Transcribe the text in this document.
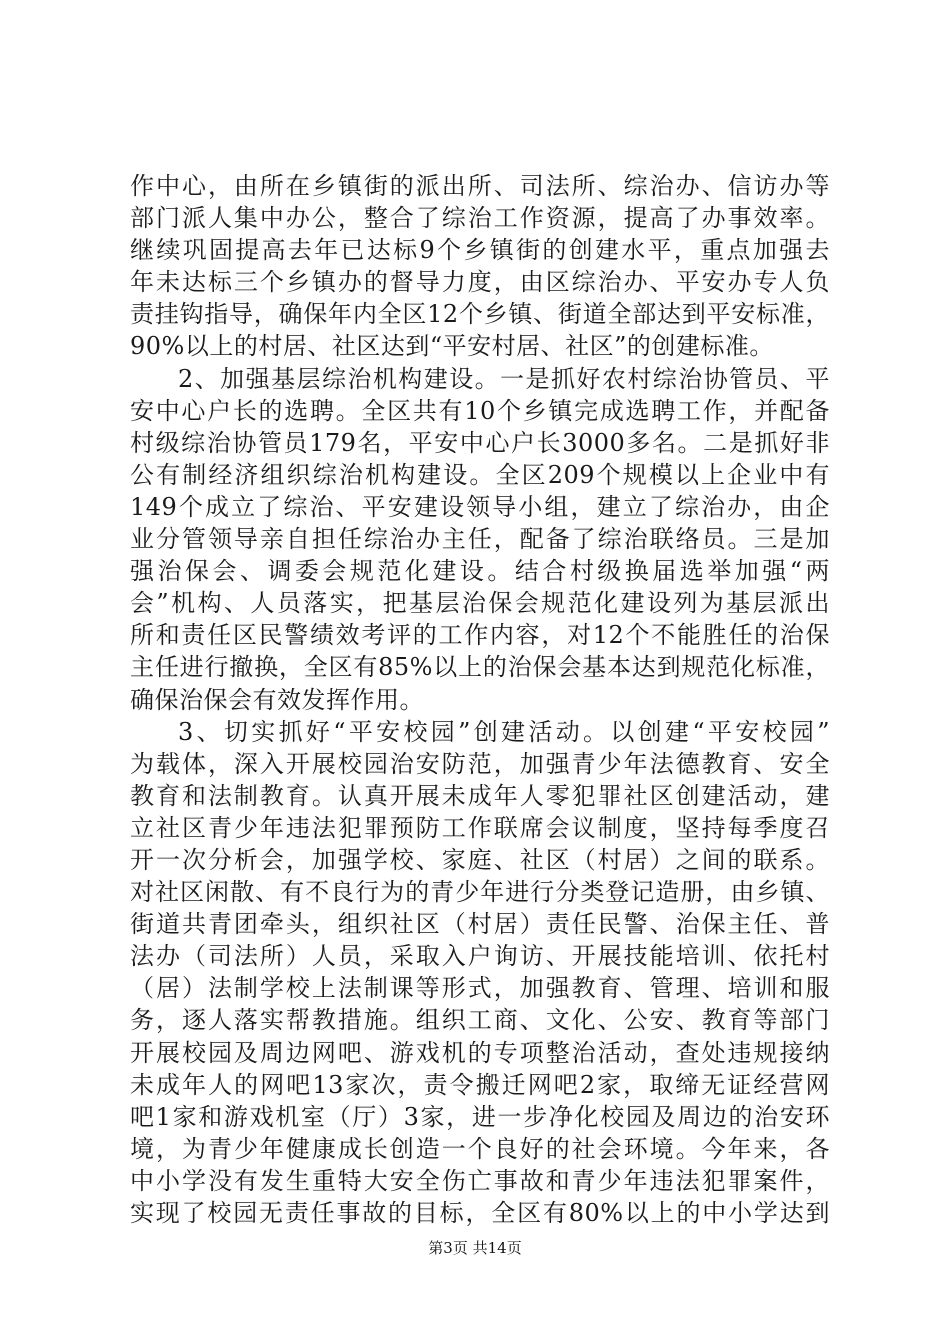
作中心，由所在乡镇街的派出所、司法所、综治办、信访办等
部门派人集中办公，整合了综治工作资源，提高了办事效率。
继续巩固提高去年已达标9个乡镇街的创建水平，重点加强去
年未达标三个乡镇办的督导力度，由区综治办、平安办专人负
责挂钩指导，确保年内全区12个乡镇、街道全部达到平安标准，
90%以上的村居、社区达到“平安村居、社区”的创建标准。
2、加强基层综治机构建设。一是抓好农村综治协管员、平
安中心户长的选聘。全区共有10个乡镇完成选聘工作，并配备
村级综治协管员179名，平安中心户长3000多名。二是抓好非
公有制经济组织综治机构建设。全区209个规模以上企业中有
149个成立了综治、平安建设领导小组，建立了综治办，由企
业分管领导亲自担任综治办主任，配备了综治联络员。三是加
强治保会、调委会规范化建设。结合村级换届选举加强“两
会”机构、人员落实，把基层治保会规范化建设列为基层派出
所和责任区民警绩效考评的工作内容，对12个不能胜任的治保
主任进行撤换，全区有85%以上的治保会基本达到规范化标准，
确保治保会有效发挥作用。
3、切实抓好“平安校园”创建活动。以创建“平安校园”
为载体，深入开展校园治安防范，加强青少年法德教育、安全
教育和法制教育。认真开展未成年人零犯罪社区创建活动，建
立社区青少年违法犯罪预防工作联席会议制度，坚持每季度召
开一次分析会，加强学校、家庭、社区（村居）之间的联系。
对社区闲散、有不良行为的青少年进行分类登记造册，由乡镇、
街道共青团牵头，组织社区（村居）责任民警、治保主任、普
法办（司法所）人员，采取入户询访、开展技能培训、依托村
（居）法制学校上法制课等形式，加强教育、管理、培训和服
务，逐人落实帮教措施。组织工商、文化、公安、教育等部门
开展校园及周边网吧、游戏机的专项整治活动，查处违规接纳
未成年人的网吧13家次，责令搬迁网吧2家，取缔无证经营网
吧1家和游戏机室（厅）3家，进一步净化校园及周边的治安环
境，为青少年健康成长创造一个良好的社会环境。今年来，各
中小学没有发生重特大安全伤亡事故和青少年违法犯罪案件，
实现了校园无责任事故的目标，全区有80%以上的中小学达到
第3页 共14页
